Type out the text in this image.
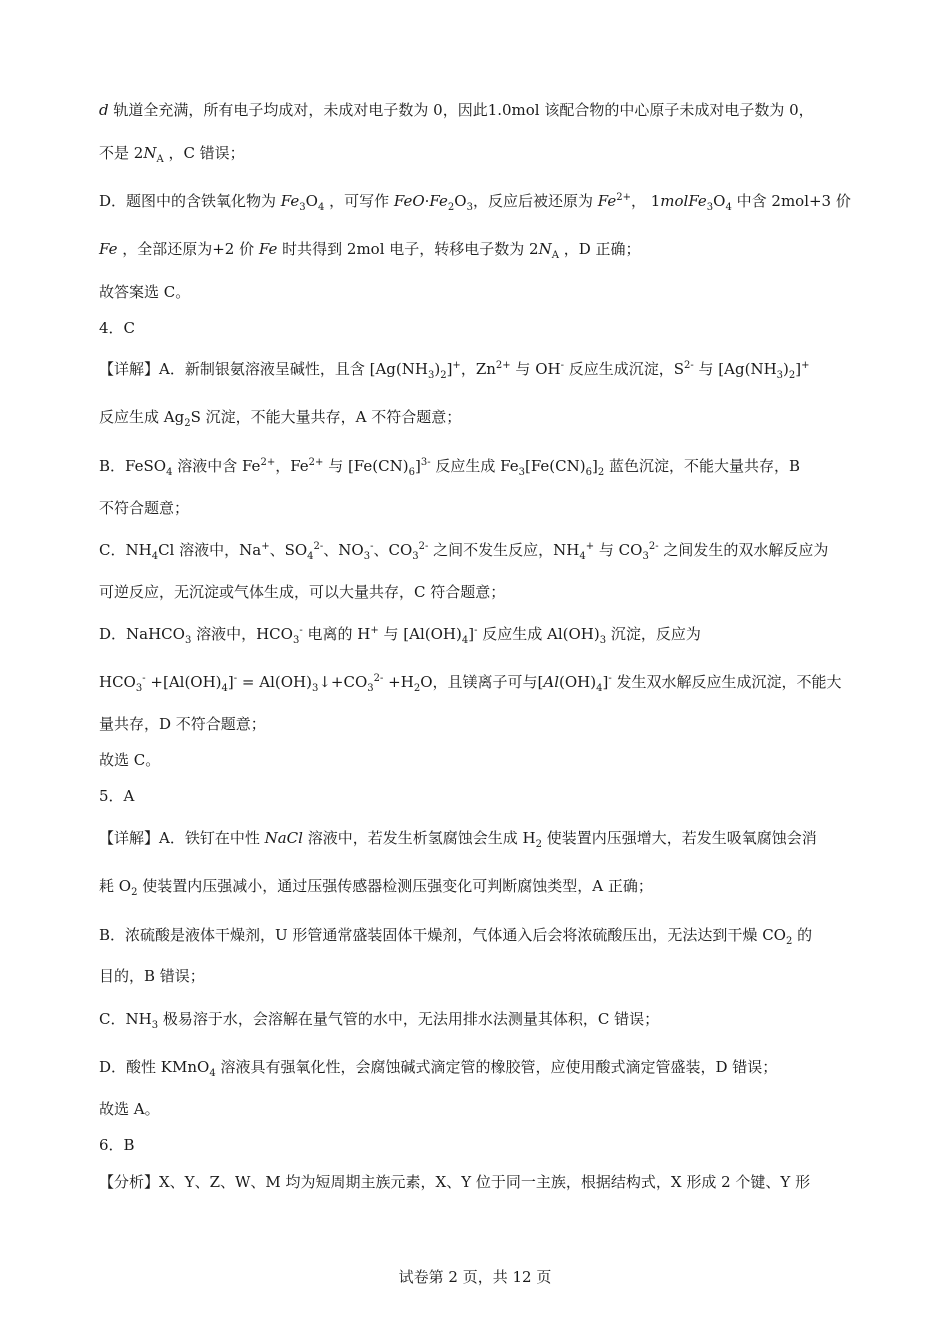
d 轨道全充满，所有电子均成对，未成对电子数为 0，因此1.0mol 该配合物的中心原子未成对电子数为 0，
不是 $2N_A$ ，C 错误；
D．题图中的含铁氧化物为 $Fe_3O_4$ ，可写作 $FeO\cdot Fe_2O_3$，反应后被还原为 $Fe^{2+}$， $1molFe_3O_4$ 中含 2mol+3 价
Fe ，全部还原为+2 价 Fe 时共得到 2mol 电子，转移电子数为 $2N_A$ ，D 正确；
故答案选 C。
4．C
【详解】A．新制银氨溶液呈碱性，且含 $[Ag(NH_3)_2]^+$，$Zn^{2+}$ 与 OH- 反应生成沉淀，$S^{2-}$ 与 $[Ag(NH_3)_2]^+$
反应生成 $Ag_2S$ 沉淀，不能大量共存，A 不符合题意；
B．FeSO$_4$ 溶液中含 $Fe^{2+}$，$Fe^{2+}$ 与 $[Fe(CN)_6]^{3-}$ 反应生成 $Fe_3[Fe(CN)_6]_2$ 蓝色沉淀，不能大量共存，B
不符合题意；
C．$NH_4Cl$ 溶液中，Na+、$SO_4^{2-}$、$NO_3^-$、$CO_3^{2-}$ 之间不发生反应，$NH_4^+$ 与 $CO_3^{2-}$ 之间发生的双水解反应为
可逆反应，无沉淀或气体生成，可以大量共存，C 符合题意；
D．NaHCO$_3$ 溶液中，$HCO_3^-$ 电离的 H+ 与 $[Al(OH)_4]^-$ 反应生成 $Al(OH)_3$ 沉淀，反应为
$HCO_3^- +[Al(OH)_4]^-$ = $Al(OH)_3↓+CO_3^{2-} +H_2O$，且镁离子可与$[Al(OH)_4]^-$ 发生双水解反应生成沉淀，不能大
量共存，D 不符合题意；
故选 C。
5．A
【详解】A．铁钉在中性 NaCl 溶液中，若发生析氢腐蚀会生成 $H_2$ 使装置内压强增大，若发生吸氧腐蚀会消
耗 $O_2$ 使装置内压强减小，通过压强传感器检测压强变化可判断腐蚀类型，A 正确；
B．浓硫酸是液体干燥剂，U 形管通常盛装固体干燥剂，气体通入后会将浓硫酸压出，无法达到干燥 $CO_2$ 的
目的，B 错误；
C．$NH_3$ 极易溶于水，会溶解在量气管的水中，无法用排水法测量其体积，C 错误；
D．酸性 KMnO$_4$ 溶液具有强氧化性，会腐蚀碱式滴定管的橡胶管，应使用酸式滴定管盛装，D 错误；
故选 A。
6．B
【分析】X、Y、Z、W、M 均为短周期主族元素，X、Y 位于同一主族，根据结构式，X 形成 2 个键、Y 形
试卷第 2 页，共 12 页
